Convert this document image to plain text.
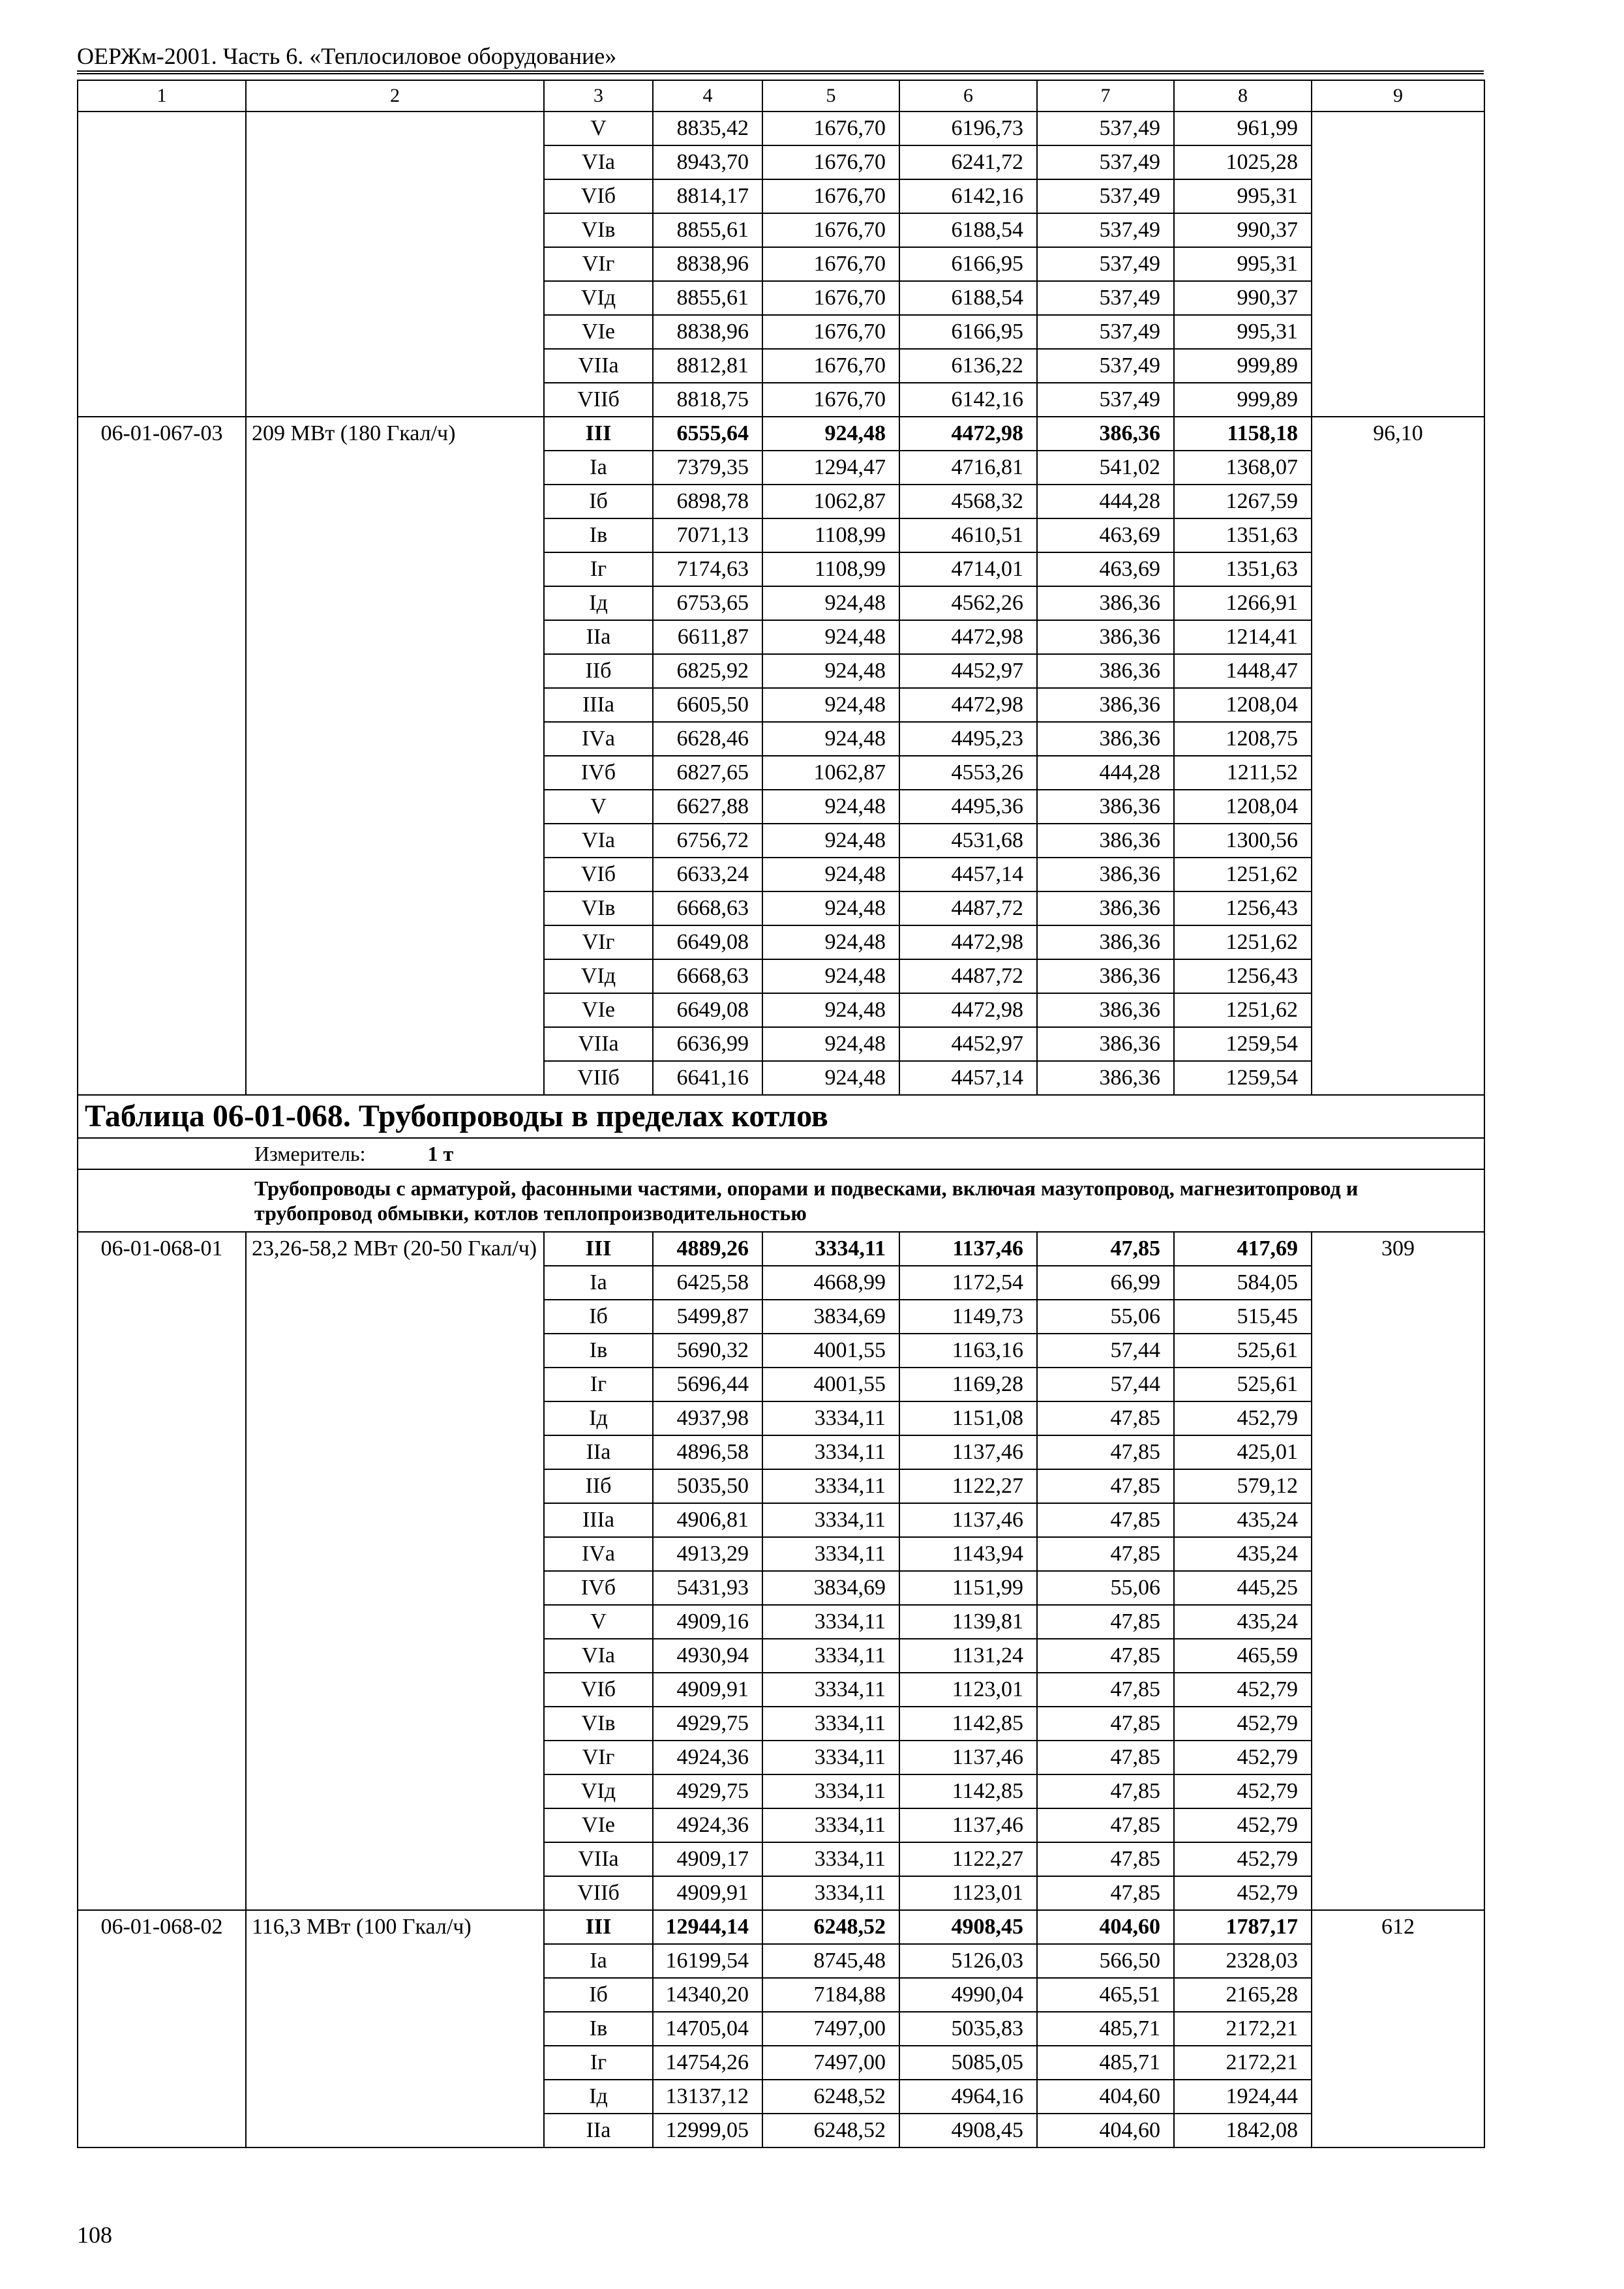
ОЕРЖм-2001. Часть 6. «Теплосиловое оборудование»
1	2	3	4	5	6	7	8	9
		V	8835,42	1676,70	6196,73	537,49	961,99	
		VIа	8943,70	1676,70	6241,72	537,49	1025,28	
		VIб	8814,17	1676,70	6142,16	537,49	995,31	
		VIв	8855,61	1676,70	6188,54	537,49	990,37	
		VIг	8838,96	1676,70	6166,95	537,49	995,31	
		VIд	8855,61	1676,70	6188,54	537,49	990,37	
		VIе	8838,96	1676,70	6166,95	537,49	995,31	
		VIIа	8812,81	1676,70	6136,22	537,49	999,89	
		VIIб	8818,75	1676,70	6142,16	537,49	999,89	
06-01-067-03	209 МВт (180 Гкал/ч)	III	6555,64	924,48	4472,98	386,36	1158,18	96,10
		Iа	7379,35	1294,47	4716,81	541,02	1368,07	
		Iб	6898,78	1062,87	4568,32	444,28	1267,59	
		Iв	7071,13	1108,99	4610,51	463,69	1351,63	
		Iг	7174,63	1108,99	4714,01	463,69	1351,63	
		Iд	6753,65	924,48	4562,26	386,36	1266,91	
		IIа	6611,87	924,48	4472,98	386,36	1214,41	
		IIб	6825,92	924,48	4452,97	386,36	1448,47	
		IIIа	6605,50	924,48	4472,98	386,36	1208,04	
		IVа	6628,46	924,48	4495,23	386,36	1208,75	
		IVб	6827,65	1062,87	4553,26	444,28	1211,52	
		V	6627,88	924,48	4495,36	386,36	1208,04	
		VIа	6756,72	924,48	4531,68	386,36	1300,56	
		VIб	6633,24	924,48	4457,14	386,36	1251,62	
		VIв	6668,63	924,48	4487,72	386,36	1256,43	
		VIг	6649,08	924,48	4472,98	386,36	1251,62	
		VIд	6668,63	924,48	4487,72	386,36	1256,43	
		VIе	6649,08	924,48	4472,98	386,36	1251,62	
		VIIа	6636,99	924,48	4452,97	386,36	1259,54	
		VIIб	6641,16	924,48	4457,14	386,36	1259,54	
Таблица 06-01-068. Трубопроводы в пределах котлов								
Измеритель: 1 т								
Трубопроводы с арматурой, фасонными частями, опорами и подвесками, включая мазутопровод, магнезитопровод и трубопровод обмывки, котлов теплопроизводительностью								
06-01-068-01	23,26-58,2 МВт (20-50 Гкал/ч)	III	4889,26	3334,11	1137,46	47,85	417,69	309
		Iа	6425,58	4668,99	1172,54	66,99	584,05	
		Iб	5499,87	3834,69	1149,73	55,06	515,45	
		Iв	5690,32	4001,55	1163,16	57,44	525,61	
		Iг	5696,44	4001,55	1169,28	57,44	525,61	
		Iд	4937,98	3334,11	1151,08	47,85	452,79	
		IIа	4896,58	3334,11	1137,46	47,85	425,01	
		IIб	5035,50	3334,11	1122,27	47,85	579,12	
		IIIа	4906,81	3334,11	1137,46	47,85	435,24	
		IVа	4913,29	3334,11	1143,94	47,85	435,24	
		IVб	5431,93	3834,69	1151,99	55,06	445,25	
		V	4909,16	3334,11	1139,81	47,85	435,24	
		VIа	4930,94	3334,11	1131,24	47,85	465,59	
		VIб	4909,91	3334,11	1123,01	47,85	452,79	
		VIв	4929,75	3334,11	1142,85	47,85	452,79	
		VIг	4924,36	3334,11	1137,46	47,85	452,79	
		VIд	4929,75	3334,11	1142,85	47,85	452,79	
		VIе	4924,36	3334,11	1137,46	47,85	452,79	
		VIIа	4909,17	3334,11	1122,27	47,85	452,79	
		VIIб	4909,91	3334,11	1123,01	47,85	452,79	
06-01-068-02	116,3 МВт (100 Гкал/ч)	III	12944,14	6248,52	4908,45	404,60	1787,17	612
		Iа	16199,54	8745,48	5126,03	566,50	2328,03	
		Iб	14340,20	7184,88	4990,04	465,51	2165,28	
		Iв	14705,04	7497,00	5035,83	485,71	2172,21	
		Iг	14754,26	7497,00	5085,05	485,71	2172,21	
		Iд	13137,12	6248,52	4964,16	404,60	1924,44	
		IIа	12999,05	6248,52	4908,45	404,60	1842,08	
108
